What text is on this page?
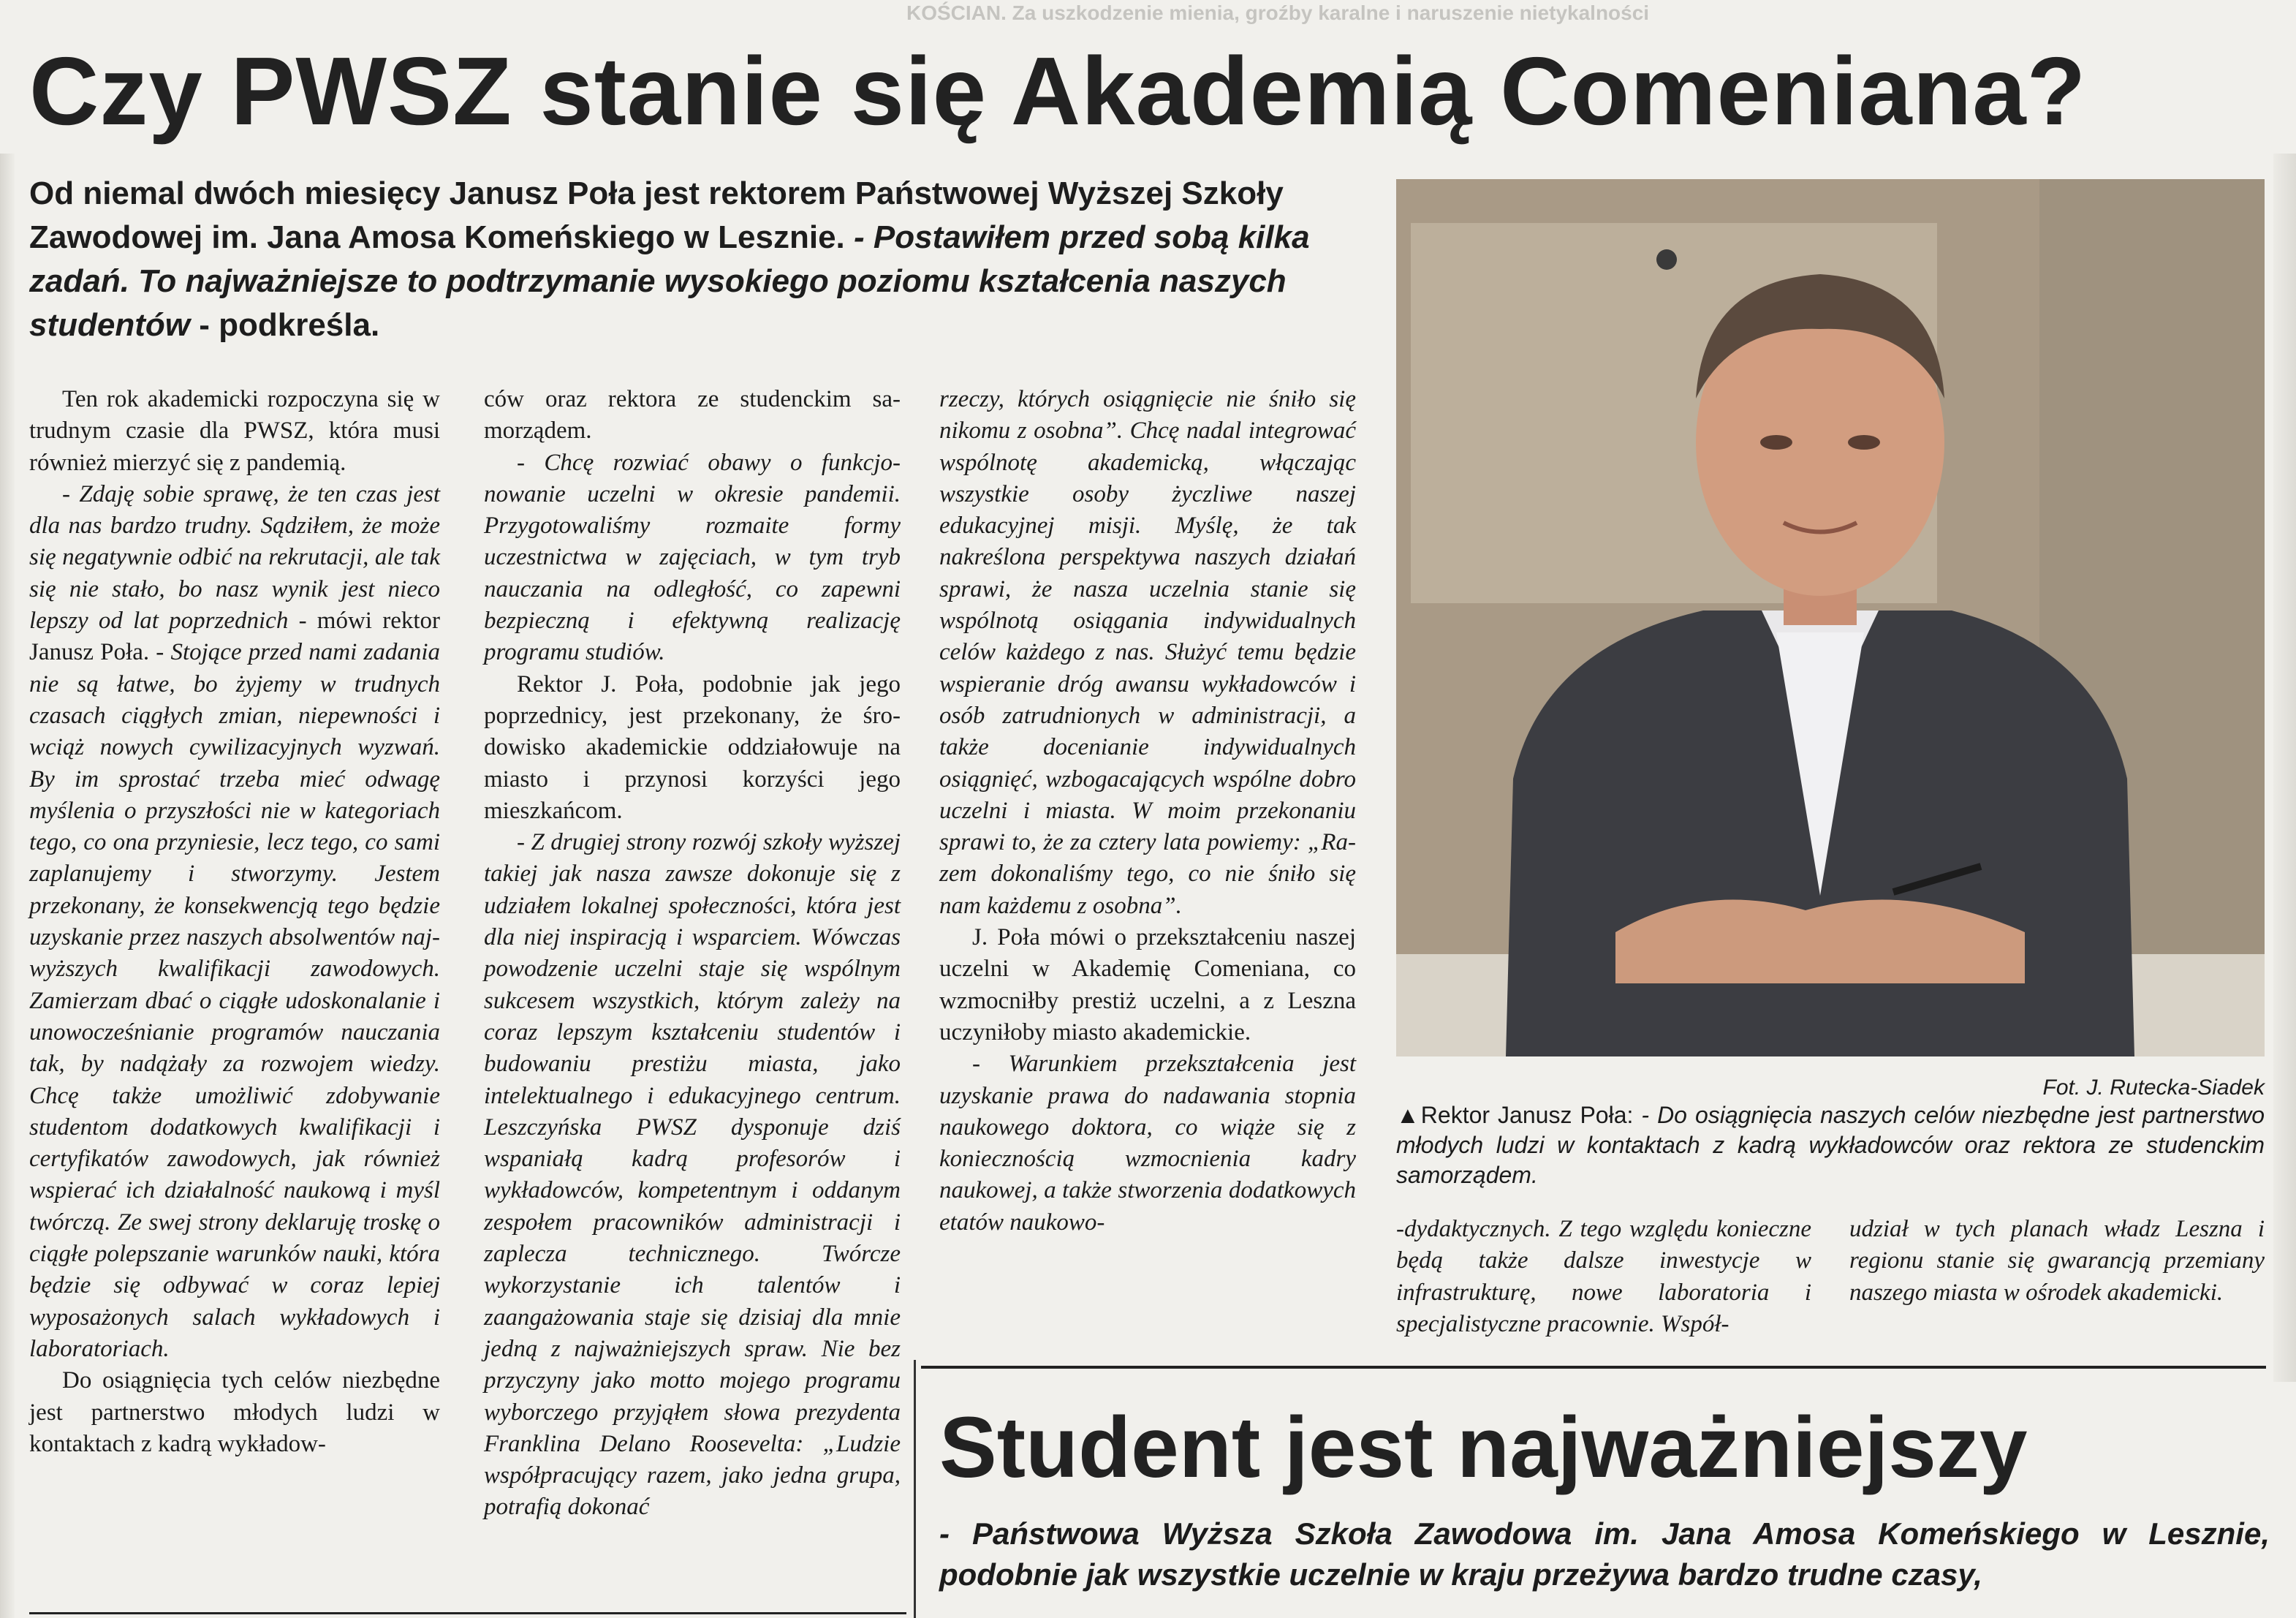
KOŚCIAN. Za uszkodzenie mienia, groźby karalne i naruszenie nietykalności
Czy PWSZ stanie się Akademią Comeniana?
Od niemal dwóch miesięcy Janusz Poła jest rektorem Państwowej Wyższej Szkoły Zawodowej im. Jana Amosa Komeńskiego w Lesznie. - Postawiłem przed sobą kilka zadań. To najważniejsze to podtrzymanie wysokiego poziomu kształcenia naszych studentów - podkreśla.

Ten rok akademicki rozpoczyna się w trudnym czasie dla PWSZ, która musi również mierzyć się z pandemią.

- Zdaję sobie sprawę, że ten czas jest dla nas bardzo trudny. Sądziłem, że może się negatywnie odbić na rekrutacji, ale tak się nie stało, bo nasz wynik jest nieco lepszy od lat poprzednich - mówi rektor Janusz Poła. - Stojące przed nami zadania nie są łatwe, bo żyjemy w trudnych czasach ciągłych zmian, niepewności i wciąż nowych cywilizacyjnych wyzwań. By im sprostać trzeba mieć odwagę myślenia o przyszłości nie w kategoriach tego, co ona przyniesie, lecz tego, co sami zaplanujemy i stworzymy. Jestem przekonany, że konsekwencją tego będzie uzyskanie przez naszych absolwentów najwyższych kwalifikacji zawodowych. Zamierzam dbać o ciągłe udoskonalanie i unowocześnianie programów nauczania tak, by nadążały za rozwojem wiedzy. Chcę także umożliwić zdobywanie studentom dodatkowych kwalifikacji i certyfikatów zawodowych, jak również wspierać ich działalność naukową i myśl twórczą. Ze swej strony deklaruję troskę o ciągłe polepszanie warunków nauki, która będzie się odbywać w coraz lepiej wyposażonych salach wykładowych i laboratoriach.

Do osiągnięcia tych celów niezbędne jest partnerstwo młodych ludzi w kontaktach z kadrą wykładow-

ców oraz rektora ze studenckim samorządem.

- Chcę rozwiać obawy o funkcjonowanie uczelni w okresie pandemii. Przygotowaliśmy rozmaite formy uczestnictwa w zajęciach, w tym tryb nauczania na odległość, co zapewni bezpieczną i efektywną realizację programu studiów.

Rektor J. Poła, podobnie jak jego poprzednicy, jest przekonany, że środowisko akademickie oddziałowuje na miasto i przynosi korzyści jego mieszkańcom.

- Z drugiej strony rozwój szkoły wyższej takiej jak nasza zawsze dokonuje się z udziałem lokalnej społeczności, która jest dla niej inspiracją i wsparciem. Wówczas powodzenie uczelni staje się wspólnym sukcesem wszystkich, którym zależy na coraz lepszym kształceniu studentów i budowaniu prestiżu miasta, jako intelektualnego i edukacyjnego centrum. Leszczyńska PWSZ dysponuje dziś wspaniałą kadrą profesorów i wykładowców, kompetentnym i oddanym zespołem pracowników administracji i zaplecza technicznego. Twórcze wykorzystanie ich talentów i zaangażowania staje się dzisiaj dla mnie jedną z najważniejszych spraw. Nie bez przyczyny jako motto mojego programu wyborczego przyjąłem słowa prezydenta Franklina Delano Roosevelta: „Ludzie współpracujący razem, jako jedna grupa, potrafią dokonać

rzeczy, których osiągnięcie nie śniło się nikomu z osobna”. Chcę nadal integrować wspólnotę akademicką, włączając wszystkie osoby życzliwe naszej edukacyjnej misji. Myślę, że tak nakreślona perspektywa naszych działań sprawi, że nasza uczelnia stanie się wspólnotą osiągania indywidualnych celów każdego z nas. Służyć temu będzie wspieranie dróg awansu wykładowców i osób zatrudnionych w administracji, a także docenianie indywidualnych osiągnięć, wzbogacających wspólne dobro uczelni i miasta. W moim przekonaniu sprawi to, że za cztery lata powiemy: „Razem dokonaliśmy tego, co nie śniło się nam każdemu z osobna”.

J. Poła mówi o przekształceniu naszej uczelni w Akademię Comeniana, co wzmocniłby prestiż uczelni, a z Leszna uczyniłoby miasto akademickie.

- Warunkiem przekształcenia jest uzyskanie prawa do nadawania stopnia naukowego doktora, co wiąże się z koniecznością wzmocnienia kadry naukowej, a także stworzenia dodatkowych etatów naukowo-	-dydaktycznych. Z tego względu konieczne będą także dalsze inwestycje w infrastrukturę, nowe laboratoria i specjalistyczne pracownie. Współ-

udział w tych planach władz Leszna i regionu stanie się gwarancją przemiany naszego miasta w ośrodek akademicki.

Fot. J. Rutecka-Siadek
▲Rektor Janusz Poła: - Do osiągnięcia naszych celów niezbędne jest partnerstwo młodych ludzi w kontaktach z kadrą wykładowców oraz rektora ze studenckim samorządem.
Student jest najważniejszy
- Państwowa Wyższa Szkoła Zawodowa im. Jana Amosa Komeńskiego w Lesznie, podobnie jak wszystkie uczelnie w kraju przeżywa bardzo trudne czasy,
